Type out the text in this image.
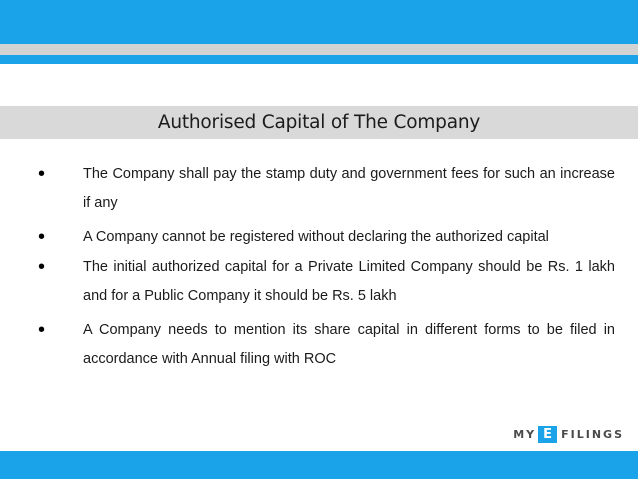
Authorised Capital of The Company
•	The Company shall pay the stamp duty and government fees for such an increase if any
•	A Company cannot be registered without declaring the authorized capital
•	The initial authorized capital for a Private Limited Company should be Rs. 1 lakh and for a Public Company it should be Rs. 5 lakh
•	A Company needs to mention its share capital in different forms to be filed in accordance with Annual filing with ROC
MY E FILINGS
